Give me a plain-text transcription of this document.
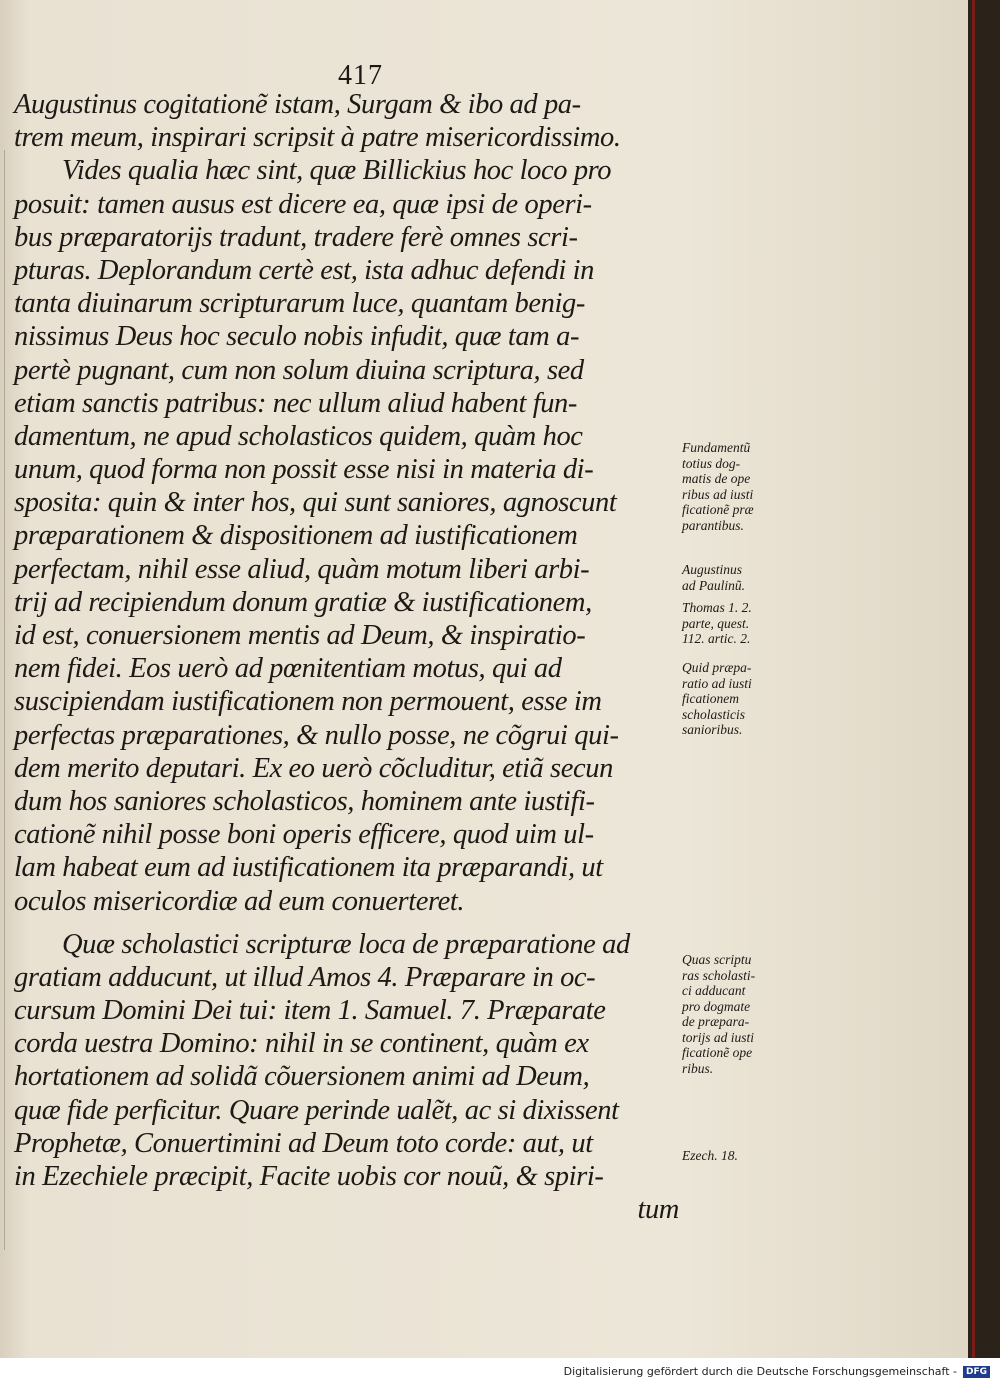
417
Augustinus cogitationẽ istam, Surgam & ibo ad pa-
trem meum, inspirari scripsit à patre misericordissimo.
Vides qualia hæc sint, quæ Billickius hoc loco pro
posuit: tamen ausus est dicere ea, quæ ipsi de operi-
bus præparatorijs tradunt, tradere ferè omnes scri-
pturas. Deplorandum certè est, ista adhuc defendi in
tanta diuinarum scripturarum luce, quantam benig-
nissimus Deus hoc seculo nobis infudit, quæ tam a-
pertè pugnant, cum non solum diuina scriptura, sed
etiam sanctis patribus: nec ullum aliud habent fun-
damentum, ne apud scholasticos quidem, quàm hoc
unum, quod forma non possit esse nisi in materia di-
sposita: quin & inter hos, qui sunt saniores, agnoscunt
præparationem & dispositionem ad iustificationem
perfectam, nihil esse aliud, quàm motum liberi arbi-
trij ad recipiendum donum gratiæ & iustificationem,
id est, conuersionem mentis ad Deum, & inspiratio-
nem fidei. Eos uerò ad pœnitentiam motus, qui ad
suscipiendam iustificationem non permouent, esse im
perfectas præparationes, & nullo posse, ne cõgrui qui-
dem merito deputari. Ex eo uerò cõcluditur, etiã secun
dum hos saniores scholasticos, hominem ante iustifi-
cationẽ nihil posse boni operis efficere, quod uim ul-
lam habeat eum ad iustificationem ita præparandi, ut
oculos misericordiæ ad eum conuerteret.
Quæ scholastici scripturæ loca de præparatione ad
gratiam adducunt, ut illud Amos 4. Præparare in oc-
cursum Domini Dei tui: item 1. Samuel. 7. Præparate
corda uestra Domino: nihil in se continent, quàm ex
hortationem ad solidã cõuersionem animi ad Deum,
quæ fide perficitur. Quare perinde ualẽt, ac si dixissent
Prophetæ, Conuertimini ad Deum toto corde: aut, ut
in Ezechiele præcipit, Facite uobis cor nouũ, & spiri-
tum
Fundamentũ
totius dog-
matis de ope
ribus ad iusti
ficationẽ præ
parantibus.
Augustinus
ad Paulinũ.
Thomas 1. 2.
parte, quest.
112. artic. 2.
Quid præpa-
ratio ad iusti
ficationem
scholasticis
sanioribus.
Quas scriptu
ras scholasti-
ci adducant
pro dogmate
de præpara-
torijs ad iusti
ficationẽ ope
ribus.
Ezech. 18.
Digitalisierung gefördert durch die Deutsche Forschungsgemeinschaft -	DFG
